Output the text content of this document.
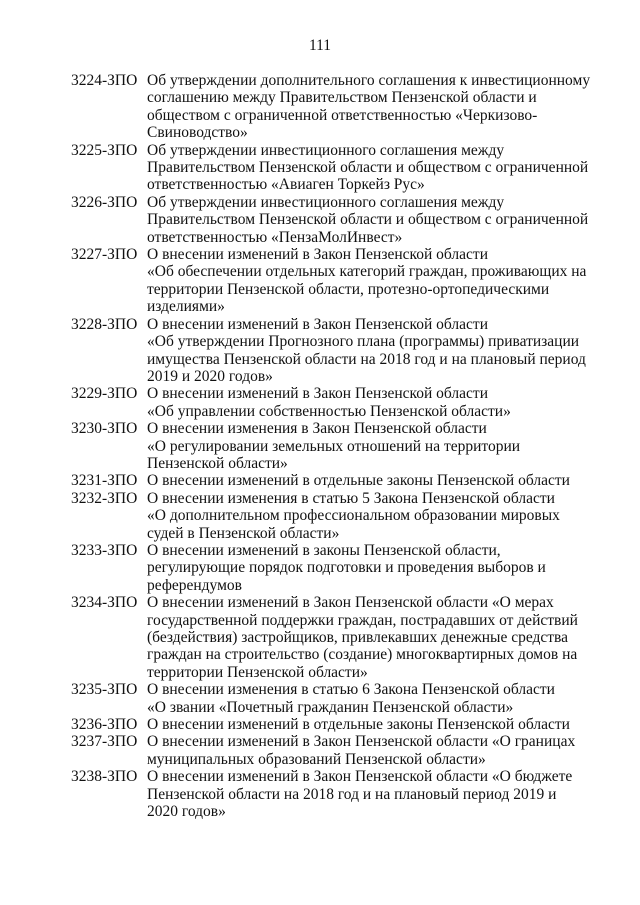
111
3224-ЗПО Об утверждении дополнительного соглашения к инвестиционному
соглашению между Правительством Пензенской области и
обществом с ограниченной ответственностью «Черкизово-
Свиноводство»
3225-ЗПО Об утверждении инвестиционного соглашения между
Правительством Пензенской области и обществом с ограниченной
ответственностью «Авиаген Торкейз Рус»
3226-ЗПО Об утверждении инвестиционного соглашения между
Правительством Пензенской области и обществом с ограниченной
ответственностью «ПензаМолИнвест»
3227-ЗПО О внесении изменений в Закон Пензенской области
«Об обеспечении отдельных категорий граждан, проживающих на
территории Пензенской области, протезно-ортопедическими
изделиями»
3228-ЗПО О внесении изменений в Закон Пензенской области
«Об утверждении Прогнозного плана (программы) приватизации
имущества Пензенской области на 2018 год и на плановый период
2019 и 2020 годов»
3229-ЗПО О внесении изменений в Закон Пензенской области
«Об управлении собственностью Пензенской области»
3230-ЗПО О внесении изменения в Закон Пензенской области
«О регулировании земельных отношений на территории
Пензенской области»
3231-ЗПО О внесении изменений в отдельные законы Пензенской области
3232-ЗПО О внесении изменения в статью 5 Закона Пензенской области
«О дополнительном профессиональном образовании мировых
судей в Пензенской области»
3233-ЗПО О внесении изменений в законы Пензенской области,
регулирующие порядок подготовки и проведения выборов и
референдумов
3234-ЗПО О внесении изменений в Закон Пензенской области «О мерах
государственной поддержки граждан, пострадавших от действий
(бездействия) застройщиков, привлекавших денежные средства
граждан на строительство (создание) многоквартирных домов на
территории Пензенской области»
3235-ЗПО О внесении изменения в статью 6 Закона Пензенской области
«О звании «Почетный гражданин Пензенской области»
3236-ЗПО О внесении изменений в отдельные законы Пензенской области
3237-ЗПО О внесении изменений в Закон Пензенской области «О границах
муниципальных образований Пензенской области»
3238-ЗПО О внесении изменений в Закон Пензенской области «О бюджете
Пензенской области на 2018 год и на плановый период 2019 и
2020 годов»
